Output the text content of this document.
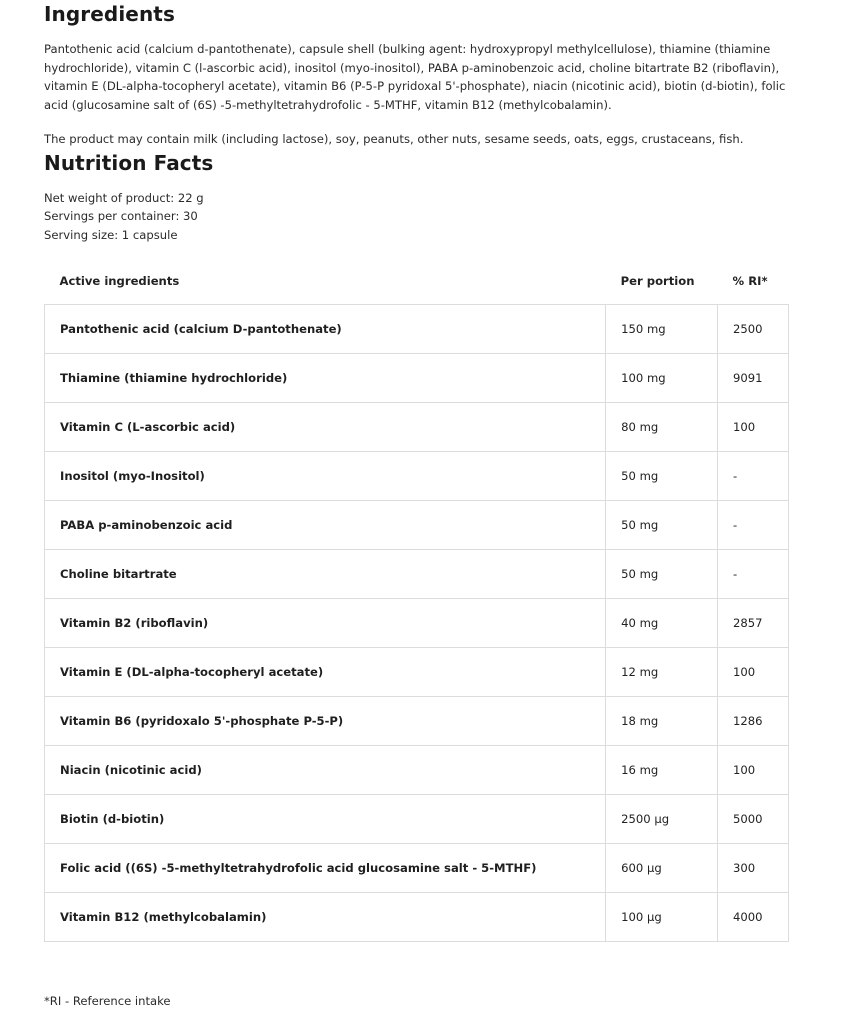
Ingredients

Pantothenic acid (calcium d-pantothenate), capsule shell (bulking agent: hydroxypropyl methylcellulose), thiamine (thiamine hydrochloride), vitamin C (l-ascorbic acid), inositol (myo-inositol), PABA p-aminobenzoic acid, choline bitartrate B2 (riboflavin), vitamin E (DL-alpha-tocopheryl acetate), vitamin B6 (P-5-P pyridoxal 5'-phosphate), niacin (nicotinic acid), biotin (d-biotin), folic acid (glucosamine salt of (6S) -5-methyltetrahydrofolic - 5-MTHF, vitamin B12 (methylcobalamin).

The product may contain milk (including lactose), soy, peanuts, other nuts, sesame seeds, oats, eggs, crustaceans, fish.

Nutrition Facts

Net weight of product: 22 g

Servings per container: 30

Serving size: 1 capsule

Active ingredients	Per portion	% RI*
Pantothenic acid (calcium D-pantothenate)	150 mg	2500
Thiamine (thiamine hydrochloride)	100 mg	9091
Vitamin C (L-ascorbic acid)	80 mg	100
Inositol (myo-Inositol)	50 mg	-
PABA p-aminobenzoic acid	50 mg	-
Choline bitartrate	50 mg	-
Vitamin B2 (riboflavin)	40 mg	2857
Vitamin E (DL-alpha-tocopheryl acetate)	12 mg	100
Vitamin B6 (pyridoxalo 5'-phosphate P-5-P)	18 mg	1286
Niacin (nicotinic acid)	16 mg	100
Biotin (d-biotin)	2500 µg	5000
Folic acid ((6S) -5-methyltetrahydrofolic acid glucosamine salt - 5-MTHF)	600 µg	300
Vitamin B12 (methylcobalamin)	100 µg	4000

*RI - Reference intake
